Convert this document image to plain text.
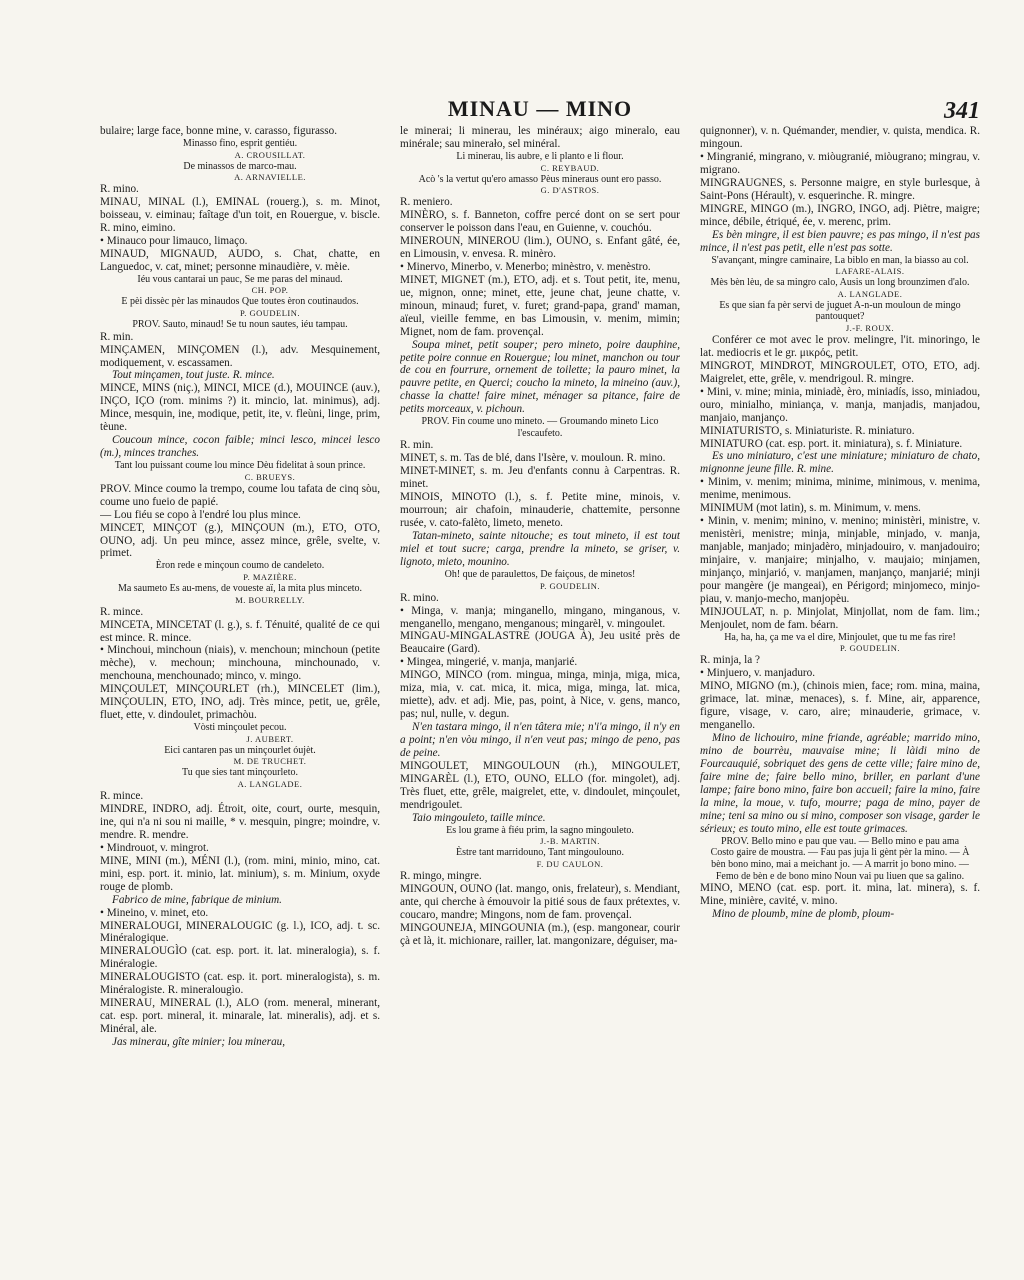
MINAU — MINO	341

bulaire; large face, bonne mine, v. carasso, figurasso.

Minasso fino, esprit gentiéu.

A. CROUSILLAT.

De minassos de marco-mau.

A. ARNAVIELLE.

R. mino.

MINAU, MINAL (l.), EMINAL (rouerg.), s. m. Minot, boisseau, v. eiminau; faîtage d'un toit, en Rouergue, v. biscle. R. mino, eimino.

• Minauco pour limauco, limaço.

MINAUD, MIGNAUD, AUDO, s. Chat, chatte, en Languedoc, v. cat, minet; personne minaudière, v. mèie.

Iéu vous cantarai un pauc, Se me paras del minaud.

CH. POP.

E pèi dissèc pèr las minaudos Que toutes èron coutinaudos.

P. GOUDELIN.

PROV. Sauto, minaud! Se tu noun sautes, iéu tampau.

R. min.

MINÇAMEN, MINÇOMEN (l.), adv. Mesquinement, modiquement, v. escassamen.

Tout minçamen, tout juste. R. mince.

MINCE, MINS (niç.), MINCI, MICE (d.), MOUINCE (auv.), INÇO, IÇO (rom. minims ?) it. mincio, lat. minimus), adj. Mince, mesquin, ine, modique, petit, ite, v. fleùni, linge, prim, tèune.

Coucoun mince, cocon faible; minci lesco, mincei lesco (m.), minces tranches.

Tant lou puissant coume lou mince Dèu fidelitat à soun prince.

C. BRUEYS.

PROV. Mince coumo la trempo, coume lou tafata de cinq sòu, coume uno fueio de papié.

— Lou fiéu se copo à l'endré lou plus mince.

MINCET, MINÇOT (g.), MINÇOUN (m.), ETO, OTO, OUNO, adj. Un peu mince, assez mince, grêle, svelte, v. primet.

Èron rede e minçoun coumo de candeleto.

P. MAZIÈRE.

Ma saumeto Es au-mens, de voueste aï, la mita plus minceto.

M. BOURRELLY.

R. mince.

MINCETA, MINCETAT (l. g.), s. f. Ténuité, qualité de ce qui est mince. R. mince.

• Minchoui, minchoun (niais), v. menchoun; minchoun (petite mèche), v. mechoun; minchouna, minchounado, v. menchouna, menchounado; minco, v. mingo.

MINÇOULET, MINÇOURLET (rh.), MINCELET (lim.), MINÇOULIN, ETO, INO, adj. Très mince, petit, ue, grêle, fluet, ette, v. dindoulet, primachòu.

Vòsti minçoulet pecou.

J. AUBERT.

Eici cantaren pas un minçourlet óujèt.

M. DE TRUCHET.

Tu que sies tant minçourleto.

A. LANGLADE.

R. mince.

MINDRE, INDRO, adj. Étroit, oite, court, ourte, mesquin, ine, qui n'a ni sou ni maille, * v. mesquin, pingre; moindre, v. mendre. R. mendre.

• Mindrouot, v. mingrot.

MINE, MINI (m.), MÉNI (l.), (rom. mini, minio, mino, cat. mini, esp. port. it. minio, lat. minium), s. m. Minium, oxyde rouge de plomb.

Fabrico de mine, fabrique de minium.

• Mineino, v. minet, eto.

MINERALOUGI, MINERALOUGIC (g. l.), ICO, adj. t. sc. Minéralogique.

MINERALOUGÌO (cat. esp. port. it. lat. mineralogia), s. f. Minéralogie.

MINERALOUGISTO (cat. esp. it. port. mineralogista), s. m. Minéralogiste. R. mineralougìo.

MINERAU, MINERAL (l.), ALO (rom. meneral, minerant, cat. esp. port. mineral, it. minarale, lat. mineralis), adj. et s. Minéral, ale.

Jas minerau, gîte minier; lou minerau,

le minerai; li minerau, les minéraux; aigo mineralo, eau minérale; sau minerało, sel minéral.

Li minerau, lis aubre, e li planto e li flour.

C. REYBAUD.

Acò 's la vertut qu'ero amasso Pèus mineraus ount ero passo.

G. D'ASTROS.

R. meniero.

MINÈRO, s. f. Banneton, coffre percé dont on se sert pour conserver le poisson dans l'eau, en Guienne, v. couchóu.

MINEROUN, MINEROU (lim.), OUNO, s. Enfant gâté, ée, en Limousin, v. envesa. R. minèro.

• Minervo, Minerbo, v. Menerbo; minèstro, v. menèstro.

MINET, MIGNET (m.), ETO, adj. et s. Tout petit, ite, menu, ue, mignon, onne; minet, ette, jeune chat, jeune chatte, v. minoun, minaud; furet, v. furet; grand-papa, grand' maman, aïeul, vieille femme, en bas Limousin, v. menim, mimin; Mignet, nom de fam. provençal.

Soupa minet, petit souper; pero mineto, poire dauphine, petite poire connue en Rouergue; lou minet, manchon ou tour de cou en fourrure, ornement de toilette; la pauro minet, la pauvre petite, en Querci; coucho la mineto, la mineino (auv.), chasse la chatte! faire minet, ménager sa pitance, faire de petits morceaux, v. pichoun.

PROV. Fin coume uno mineto. — Groumando mineto Lico l'escaufeto.

R. min.

MINET, s. m. Tas de blé, dans l'Isère, v. mouloun. R. mino.

MINET-MINET, s. m. Jeu d'enfants connu à Carpentras. R. minet.

MINOIS, MINOTO (l.), s. f. Petite mine, minois, v. mourroun; air chafoin, minauderie, chattemite, personne rusée, v. cato-falèto, limeto, meneto.

Tatan-mineto, sainte nitouche; es tout mineto, il est tout miel et tout sucre; carga, prendre la mineto, se griser, v. lignoto, mieto, mounino.

Oh! que de paraulettos, De faiçous, de minetos!

P. GOUDELIN.

R. mino.

• Minga, v. manja; minganello, mingano, minganous, v. menganello, mengano, menganous; mingarèl, v. mingoulet.

MINGAU-MINGALASTRE (JOUGA À), Jeu usité près de Beaucaire (Gard).

• Mingea, mingerié, v. manja, manjarié.

MINGO, MINCO (rom. mingua, minga, minja, miga, mica, miza, mia, v. cat. mica, it. mica, miga, minga, lat. mica, miette), adv. et adj. Mie, pas, point, à Nice, v. gens, manco, pas; nul, nulle, v. degun.

N'en tastara mingo, il n'en tâtera mie; n'i'a mingo, il n'y en a point; n'en vòu mingo, il n'en veut pas; mingo de peno, pas de peine.

MINGOULET, MINGOULOUN (rh.), MINGOULET, MINGARÈL (l.), ETO, OUNO, ELLO (for. mingolet), adj. Très fluet, ette, grêle, maigrelet, ette, v. dindoulet, minçoulet, mendrigoulet.

Taio mingouleto, taille mince.

Es lou grame à fiéu prim, la sagno mingouleto.

J.-B. MARTIN.

Èstre tant marridouno, Tant mingoulouno.

F. DU CAULON.

R. mingo, mingre.

MINGOUN, OUNO (lat. mango, onis, frelateur), s. Mendiant, ante, qui cherche à émouvoir la pitié sous de faux prétextes, v. coucaro, mandre; Mingons, nom de fam. provençal.

MINGOUNEJA, MINGOUNIA (m.), (esp. mangonear, courir çà et là, it. michionare, railler, lat. mangonizare, déguiser, ma-

quignonner), v. n. Quémander, mendier, v. quista, mendica. R. mingoun.

• Mingranié, mingrano, v. miòugranié, miòugrano; mingrau, v. migrano.

MINGRAUGNES, s. Personne maigre, en style burlesque, à Saint-Pons (Hérault), v. esquerinche. R. mingre.

MINGRE, MINGO (m.), INGRO, INGO, adj. Piètre, maigre; mince, débile, étriqué, ée, v. merenc, prim.

Es bèn mingre, il est bien pauvre; es pas mingo, il n'est pas mince, il n'est pas petit, elle n'est pas sotte.

S'avançant, mingre caminaire, La biblo en man, la biasso au col.

LAFARE-ALAIS.

Mès bèn lèu, de sa mingro calo, Ausis un long brounzimen d'alo.

A. LANGLADE.

Es que sian fa pèr servi de juguet A-n-un mouloun de mingo pantouquet?

J.-F. ROUX.

Conférer ce mot avec le prov. melingre, l'it. minoringo, le lat. mediocris et le gr. μικρός, petit.

MINGROT, MINDROT, MINGROULET, OTO, ETO, adj. Maigrelet, ette, grêle, v. mendrigoul. R. mingre.

• Mini, v. mine; minia, miniadè, èro, miniadís, isso, miniadou, ouro, minialho, miniança, v. manja, manjadis, manjadou, manjaio, manjanço.

MINIATURISTO, s. Miniaturiste. R. miniaturo.

MINIATURO (cat. esp. port. it. miniatura), s. f. Miniature.

Es uno miniaturo, c'est une miniature; miniaturo de chato, mignonne jeune fille. R. mine.

• Minim, v. menim; minima, minime, minimous, v. menima, menime, menimous.

MINIMUM (mot latin), s. m. Minimum, v. mens.

• Minin, v. menim; minino, v. menino; ministèri, ministre, v. menistèri, menistre; minja, minjable, minjado, v. manja, manjable, manjado; minjadèro, minjadouiro, v. manjadouiro; minjaire, v. manjaire; minjalho, v. maujaio; minjamen, minjanço, minjarió, v. manjamen, manjanço, manjarié; minji pour mangère (je mangeai), en Périgord; minjomeco, minjo-piau, v. manjo-mecho, manjopèu.

MINJOULAT, n. p. Minjolat, Minjollat, nom de fam. lim.; Menjoulet, nom de fam. béarn.

Ha, ha, ha, ça me va el dire, Minjoulet, que tu me fas rire!

P. GOUDELIN.

R. minja, la ?

• Minjuero, v. manjaduro.

MINO, MIGNO (m.), (chinois mien, face; rom. mina, maina, grimace, lat. minæ, menaces), s. f. Mine, air, apparence, figure, visage, v. caro, aire; minauderie, grimace, v. menganello.

Mino de lichouiro, mine friande, agréable; marrido mino, mino de bourrèu, mauvaise mine; li làidi mino de Fourcauquié, sobriquet des gens de cette ville; faire mino de, faire mine de; faire bello mino, briller, en parlant d'une lampe; faire bono mino, faire bon accueil; faire la mino, faire la mine, la moue, v. tufo, mourre; paga de mino, payer de mine; teni sa mino ou si mino, composer son visage, garder le sérieux; es touto mino, elle est toute grimaces.

PROV. Bello mino e pau que vau. — Bello mino e pau ama Costo gaire de moustra. — Fau pas juja li gènt pèr la mino. — À bèn bono mino, mai a meichant jo. — A marrit jo bono mino. — Femo de bèn e de bono mino Noun vai pu liuen que sa galino.

MINO, MENO (cat. esp. port. it. mina, lat. minera), s. f. Mine, minière, cavité, v. mino.

Mino de ploumb, mine de plomb, ploum-
